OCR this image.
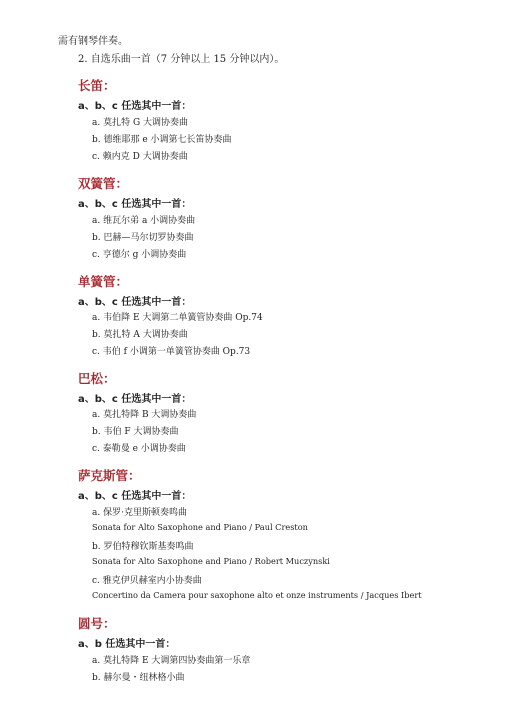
需有钢琴伴奏。
2. 自选乐曲一首（7 分钟以上 15 分钟以内）。
长笛：
a、b、c 任选其中一首：
a. 莫扎特 G 大调协奏曲
b. 德维耶那 e 小调第七长笛协奏曲
c. 赖内克 D 大调协奏曲
双簧管：
a、b、c 任选其中一首：
a. 维瓦尔弟 a 小调协奏曲
b. 巴赫—马尔切罗协奏曲
c. 亨德尔 g 小调协奏曲
单簧管：
a、b、c 任选其中一首：
a. 韦伯降 E 大调第二单簧管协奏曲 Op.74
b. 莫扎特 A 大调协奏曲
c. 韦伯 f 小调第一单簧管协奏曲 Op.73
巴松：
a、b、c 任选其中一首：
a. 莫扎特降 B 大调协奏曲
b. 韦伯 F 大调协奏曲
c. 泰勒曼 e 小调协奏曲
萨克斯管：
a、b、c 任选其中一首：
a. 保罗·克里斯顿奏鸣曲
Sonata for Alto Saxophone and Piano / Paul Creston
b. 罗伯特穆钦斯基奏鸣曲
Sonata for Alto Saxophone and Piano / Robert Muczynski
c. 雅克伊贝赫室内小协奏曲
Concertino da Camera pour saxophone alto et onze instruments / Jacques Ibert
圆号：
a、b 任选其中一首：
a. 莫扎特降 E 大调第四协奏曲第一乐章
b. 赫尔曼・纽林格小曲
